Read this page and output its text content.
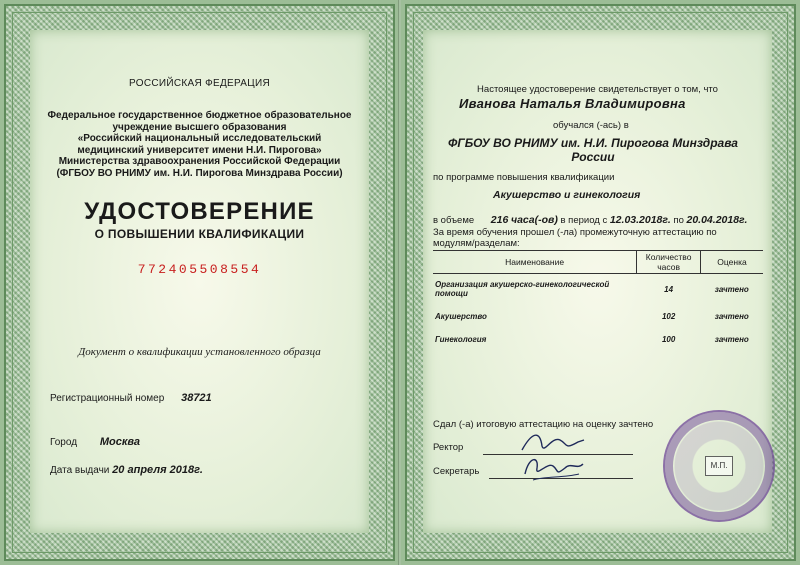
РОССИЙСКАЯ ФЕДЕРАЦИЯ
Федеральное государственное бюджетное образовательное
учреждение высшего образования
«Российский национальный исследовательский
медицинский университет имени Н.И. Пирогова»
Министерства здравоохранения Российской Федерации
(ФГБОУ ВО РНИМУ им. Н.И. Пирогова Минздрава России)
УДОСТОВЕРЕНИЕ
О ПОВЫШЕНИИ КВАЛИФИКАЦИИ
772405508554
Документ о квалификации установленного образца
Регистрационный номер 38721
Город Москва
Дата выдачи 20 апреля 2018г.
Настоящее удостоверение свидетельствует о том, что
Иванова Наталья Владимировна
обучался (-ась) в
ФГБОУ ВО РНИМУ им. Н.И. Пирогова Минздрава России
по программе повышения квалификации
Акушерство и гинекология
в объеме 216 часа(-ов) в период с 12.03.2018г. по 20.04.2018г.
За время обучения прошел (-ла) промежуточную аттестацию по
модулям/разделам:
Наименование	Количество часов	Оценка
Организация акушерско-гинекологической помощи	14	зачтено
Акушерство	102	зачтено
Гинекология	100	зачтено
Сдал (-а) итоговую аттестацию на оценку зачтено
Ректор
Секретарь
М.П.
